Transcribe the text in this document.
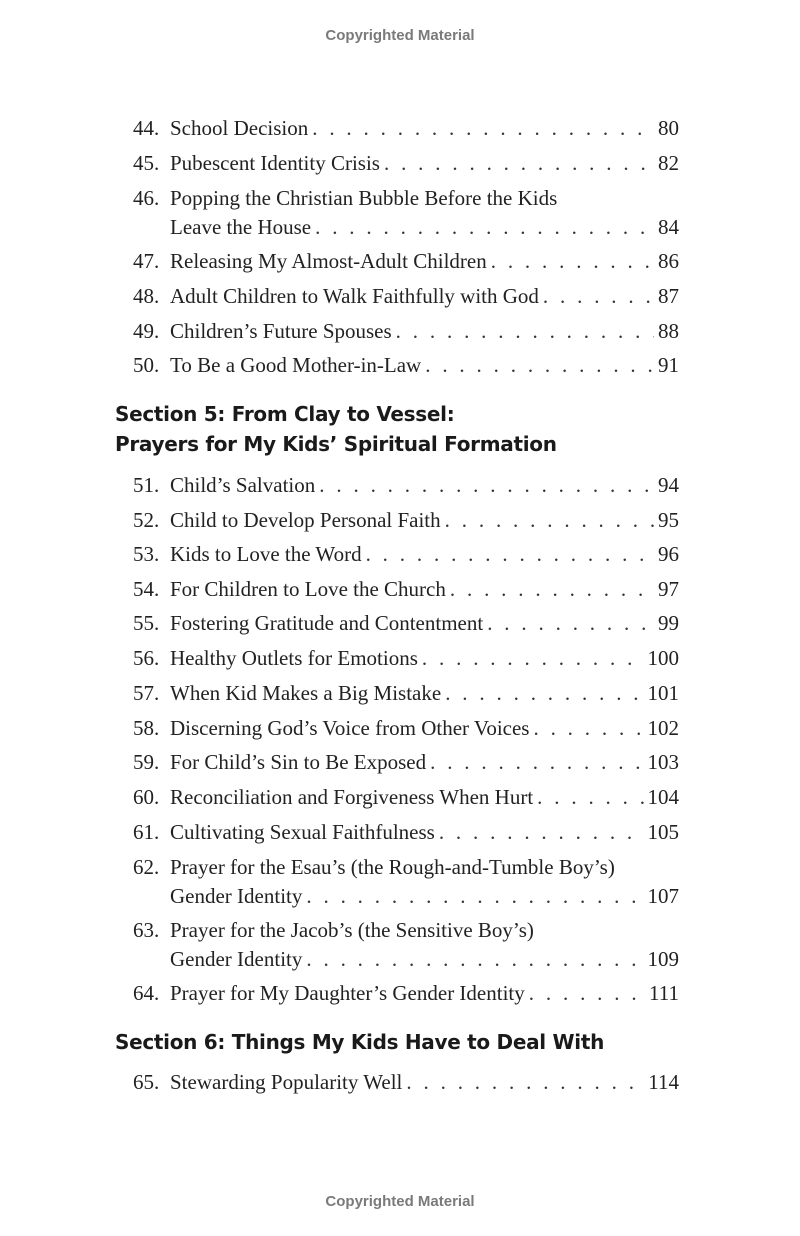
Copyrighted Material
44. School Decision . . .	80
45. Pubescent Identity Crisis . . .	82
46. Popping the Christian Bubble Before the Kids
Leave the House . . .	84
47. Releasing My Almost-Adult Children . . .	86
48. Adult Children to Walk Faithfully with God . . .	87
49. Children’s Future Spouses . . .	88
50. To Be a Good Mother-in-Law . . .	91
Section 5: From Clay to Vessel:
Prayers for My Kids’ Spiritual Formation
51. Child’s Salvation . . .	94
52. Child to Develop Personal Faith . . .	95
53. Kids to Love the Word . . .	96
54. For Children to Love the Church . . .	97
55. Fostering Gratitude and Contentment . . .	99
56. Healthy Outlets for Emotions . . .	100
57. When Kid Makes a Big Mistake . . .	101
58. Discerning God’s Voice from Other Voices . . .	102
59. For Child’s Sin to Be Exposed . . .	103
60. Reconciliation and Forgiveness When Hurt . . .	104
61. Cultivating Sexual Faithfulness . . .	105
62. Prayer for the Esau’s (the Rough-and-Tumble Boy’s)
Gender Identity . . .	107
63. Prayer for the Jacob’s (the Sensitive Boy’s)
Gender Identity . . .	109
64. Prayer for My Daughter’s Gender Identity . . .	111
Section 6: Things My Kids Have to Deal With
65. Stewarding Popularity Well . . .	114
Copyrighted Material
